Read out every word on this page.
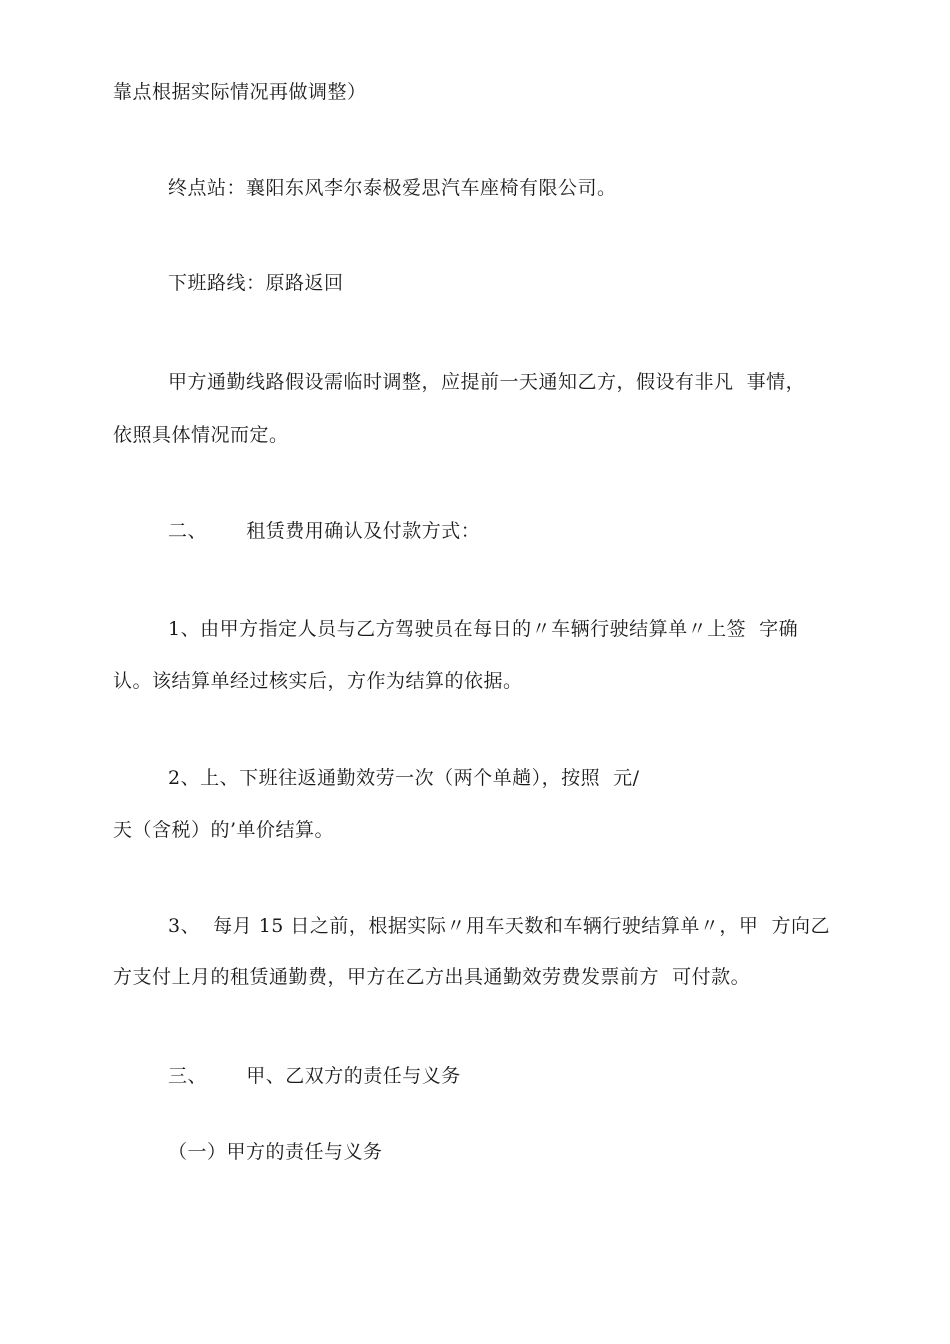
靠点根据实际情况再做调整）
终点站：襄阳东风李尔泰极爱思汽车座椅有限公司。
下班路线：原路返回
甲方通勤线路假设需临时调整，应提前一天通知乙方，假设有非凡  事情，
依照具体情况而定。
二、      租赁费用确认及付款方式：
1、由甲方指定人员与乙方驾驶员在每日的〃车辆行驶结算单〃上签  字确
认。该结算单经过核实后，方作为结算的依据。
2、上、下班往返通勤效劳一次（两个单趟），按照  元/
天（含税）的’单价结算。
3、  每月 15 日之前，根据实际〃用车天数和车辆行驶结算单〃，甲  方向乙
方支付上月的租赁通勤费，甲方在乙方出具通勤效劳费发票前方  可付款。
三、      甲、乙双方的责任与义务
（一）甲方的责任与义务
